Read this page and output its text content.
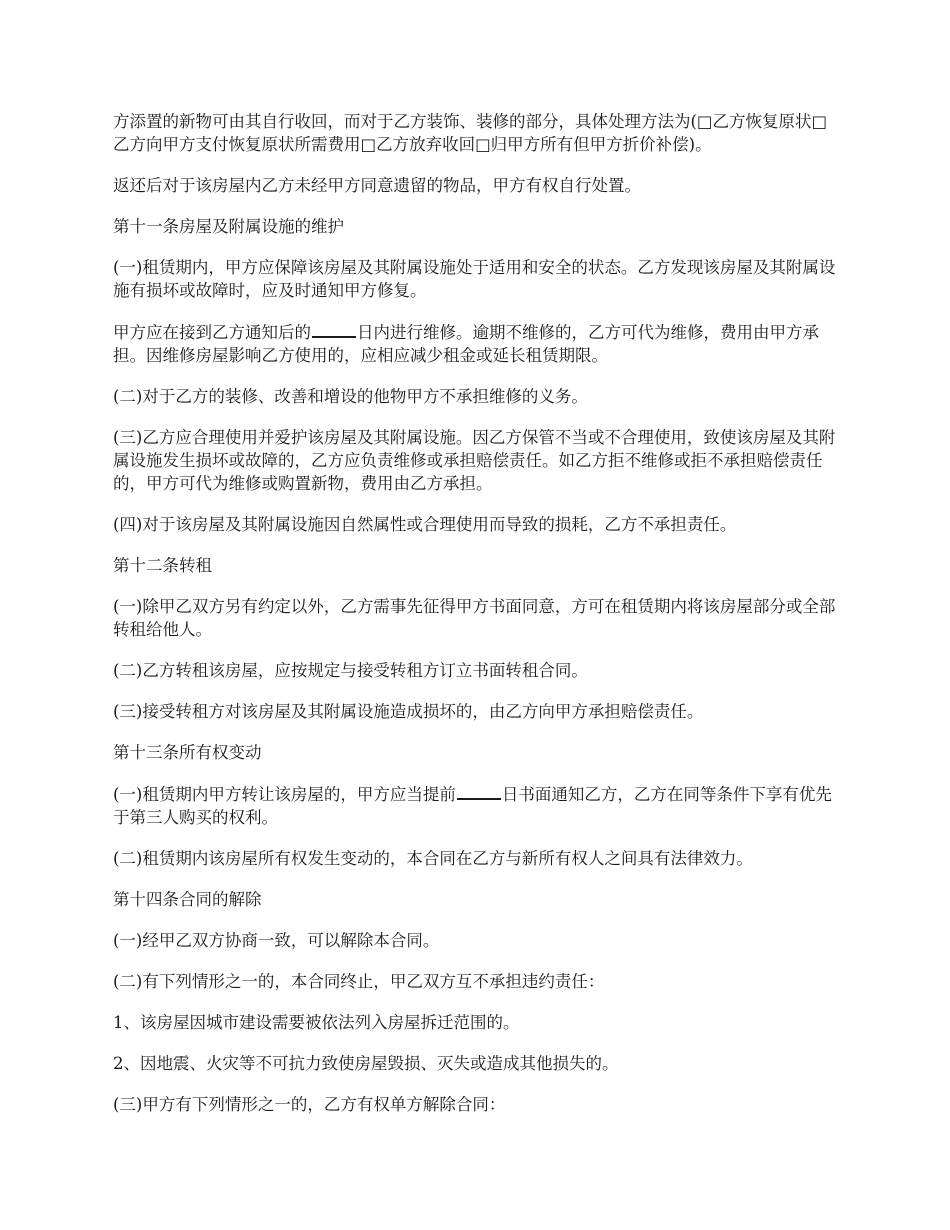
方添置的新物可由其自行收回，而对于乙方装饰、装修的部分，具体处理方法为(□乙方恢复原状□乙方向甲方支付恢复原状所需费用□乙方放弃收回□归甲方所有但甲方折价补偿)。

返还后对于该房屋内乙方未经甲方同意遗留的物品，甲方有权自行处置。

第十一条房屋及附属设施的维护

(一)租赁期内，甲方应保障该房屋及其附属设施处于适用和安全的状态。乙方发现该房屋及其附属设施有损坏或故障时，应及时通知甲方修复。

甲方应在接到乙方通知后的	日内进行维修。逾期不维修的，乙方可代为维修，费用由甲方承担。因维修房屋影响乙方使用的，应相应减少租金或延长租赁期限。

(二)对于乙方的装修、改善和增设的他物甲方不承担维修的义务。

(三)乙方应合理使用并爱护该房屋及其附属设施。因乙方保管不当或不合理使用，致使该房屋及其附属设施发生损坏或故障的，乙方应负责维修或承担赔偿责任。如乙方拒不维修或拒不承担赔偿责任的，甲方可代为维修或购置新物，费用由乙方承担。

(四)对于该房屋及其附属设施因自然属性或合理使用而导致的损耗，乙方不承担责任。

第十二条转租

(一)除甲乙双方另有约定以外，乙方需事先征得甲方书面同意，方可在租赁期内将该房屋部分或全部转租给他人。

(二)乙方转租该房屋，应按规定与接受转租方订立书面转租合同。

(三)接受转租方对该房屋及其附属设施造成损坏的，由乙方向甲方承担赔偿责任。

第十三条所有权变动

(一)租赁期内甲方转让该房屋的，甲方应当提前	日书面通知乙方，乙方在同等条件下享有优先于第三人购买的权利。

(二)租赁期内该房屋所有权发生变动的，本合同在乙方与新所有权人之间具有法律效力。

第十四条合同的解除

(一)经甲乙双方协商一致，可以解除本合同。

(二)有下列情形之一的，本合同终止，甲乙双方互不承担违约责任：

1、该房屋因城市建设需要被依法列入房屋拆迁范围的。

2、因地震、火灾等不可抗力致使房屋毁损、灭失或造成其他损失的。

(三)甲方有下列情形之一的，乙方有权单方解除合同：
